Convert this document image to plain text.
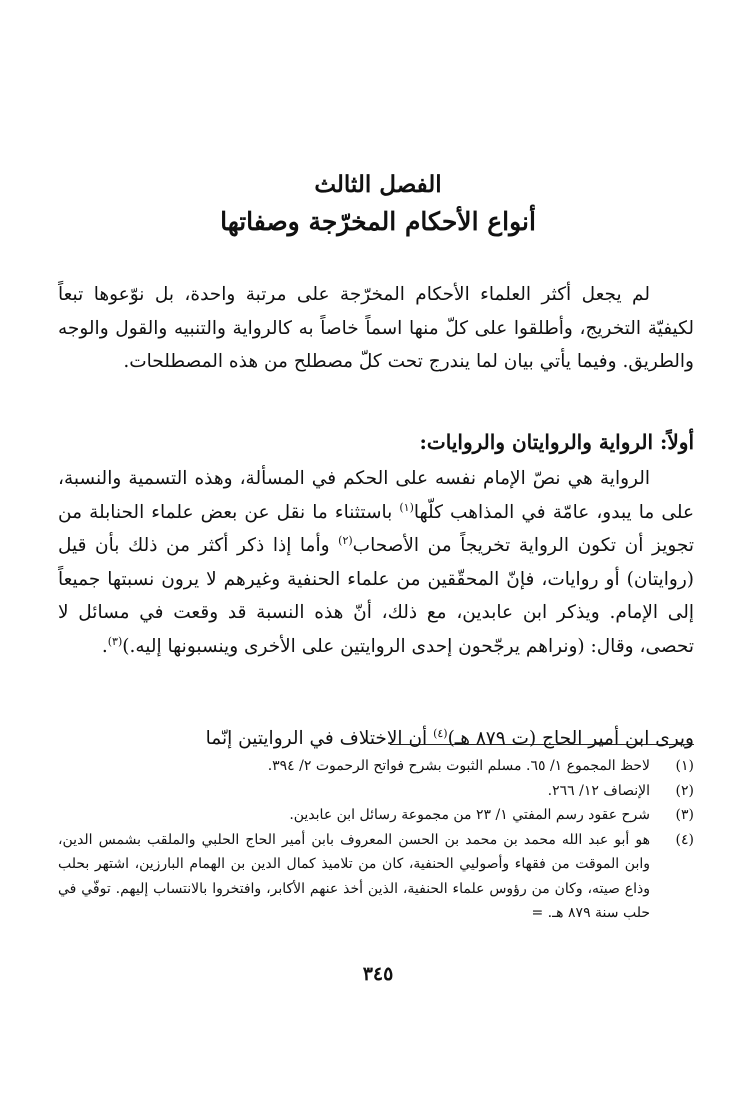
الفصل الثالث
أنواع الأحكام المخرّجة وصفاتها

لم يجعل أكثر العلماء الأحكام المخرّجة على مرتبة واحدة، بل نوّعوها تبعاً لكيفيّة التخريج، وأطلقوا على كلّ منها اسماً خاصاً به كالرواية والتنبيه والقول والوجه والطريق. وفيما يأتي بيان لما يندرج تحت كلّ مصطلح من هذه المصطلحات.

أولاً: الرواية والروايتان والروايات:

الرواية هي نصّ الإمام نفسه على الحكم في المسألة، وهذه التسمية والنسبة، على ما يبدو، عامّة في المذاهب كلّها$^{(١)}$ باستثناء ما نقل عن بعض علماء الحنابلة من تجويز أن تكون الرواية تخريجاً من الأصحاب$^{(٢)}$ وأما إذا ذكر أكثر من ذلك بأن قيل (روايتان) أو روايات، فإنّ المحقّقين من علماء الحنفية وغيرهم لا يرون نسبتها جميعاً إلى الإمام. ويذكر ابن عابدين، مع ذلك، أنّ هذه النسبة قد وقعت في مسائل لا تحصى، وقال: (ونراهم يرجّحون إحدى الروايتين على الأخرى وينسبونها إليه.)$^{(٣)}$.

ويرى ابن أمير الحاج (ت ٨٧٩ هـ)$^{(٤)}$ أن الاختلاف في الروايتين إنّما

(١)
لاحظ المجموع ١/ ٦٥. مسلم الثبوت بشرح فواتح الرحموت ٢/ ٣٩٤.
(٢)
الإنصاف ١٢/ ٢٦٦.
(٣)
شرح عقود رسم المفتي ١/ ٢٣ من مجموعة رسائل ابن عابدين.
(٤)
هو أبو عبد الله محمد بن محمد بن الحسن المعروف بابن أمير الحاج الحلبي والملقب بشمس الدين، وابن الموقت من فقهاء وأصوليي الحنفية، كان من تلاميذ كمال الدين بن الهمام البارزين، اشتهر بحلب وذاع صيته، وكان من رؤوس علماء الحنفية، الذين أخذ عنهم الأكابر، وافتخروا بالانتساب إليهم. توفّي في حلب سنة ٨٧٩ هـ. =
٣٤٥
